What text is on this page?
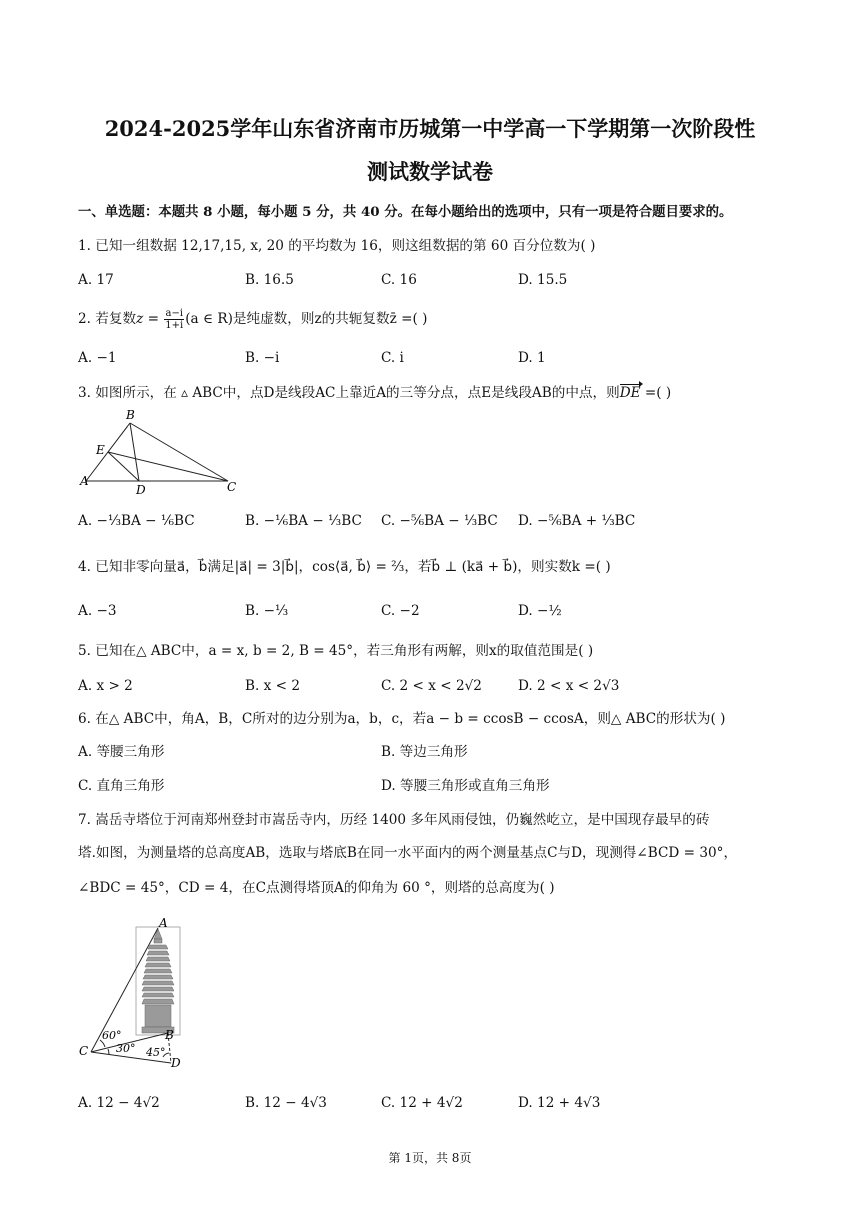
2024-2025学年山东省济南市历城第一中学高一下学期第一次阶段性
测试数学试卷
一、单选题：本题共 8 小题，每小题 5 分，共 40 分。在每小题给出的选项中，只有一项是符合题目要求的。
1. 已知一组数据 12,17,15, x, 20 的平均数为 16，则这组数据的第 60 百分位数为( )
A. 17	B. 16.5	C. 16	D. 15.5
2. 若复数$z = \frac{a-i}{1+i} (a$ ∈ R)是纯虚数，则z的共轭复数z̄ =( )
A. −1	B. −i	C. i	D. 1
3. 如图所示，在 ▵ ABC中，点D是线段AC上靠近A的三等分点，点E是线段AB的中点，则DE =( )
B
E
A
D	C
A. −⅓BA − ⅙BC	B. −⅙BA − ⅓BC C. −⅚BA − ⅓BC D. −⅚BA + ⅓BC
4. 已知非零向量a⃗，b⃗满足|a⃗| = 3|b⃗|，cos⟨a⃗, b⃗⟩ = ⅔，若b⃗ ⊥ (ka⃗ + b⃗)，则实数k =( )
A. −3	B. −⅓	C. −2	D. −½
5. 已知在△ ABC中，a = x, b = 2, B = 45°，若三角形有两解，则x的取值范围是( )
A. x > 2	B. x < 2	C. 2 < x < 2√2	D. 2 < x < 2√3
6. 在△ ABC中，角A，B，C所对的边分别为a，b，c，若a − b = ccosB − ccosA，则△ ABC的形状为( )
A. 等腰三角形	B. 等边三角形
C. 直角三角形	D. 等腰三角形或直角三角形
7. 嵩岳寺塔位于河南郑州登封市嵩岳寺内，历经 1400 多年风雨侵蚀，仍巍然屹立，是中国现存最早的砖
塔.如图，为测量塔的总高度AB，选取与塔底B在同一水平面内的两个测量基点C与D，现测得∠BCD = 30°，
∠BDC = 45°，CD = 4，在C点测得塔顶A的仰角为 60 °，则塔的总高度为( )
A
B
C
D
60°
30° 45°
A. 12 − 4√2	B. 12 − 4√3	C. 12 + 4√2	D. 12 + 4√3
第 1页，共 8页
